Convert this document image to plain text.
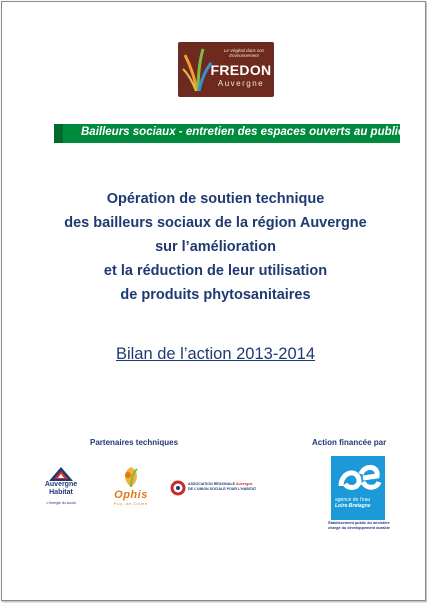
Le Végétal dans son Environnement
FREDON
Auvergne
Bailleurs sociaux - entretien des espaces ouverts au public
Opération de soutien technique
des bailleurs sociaux de la région Auvergne
sur l’amélioration
et la réduction de leur utilisation
de produits phytosanitaires
Bilan de l’action 2013-2014
Partenaires techniques	Action financée par
Auvergne
Habitat
L'énergie du social
Ophis
Puy-de-Dôme
ASSOCIATION RÉGIONALE Auvergne
DE L'UNION SOCIALE POUR L'HABITAT
agence de l'eau
Loire-Bretagne
Établissement public du ministère
chargé du développement durable
